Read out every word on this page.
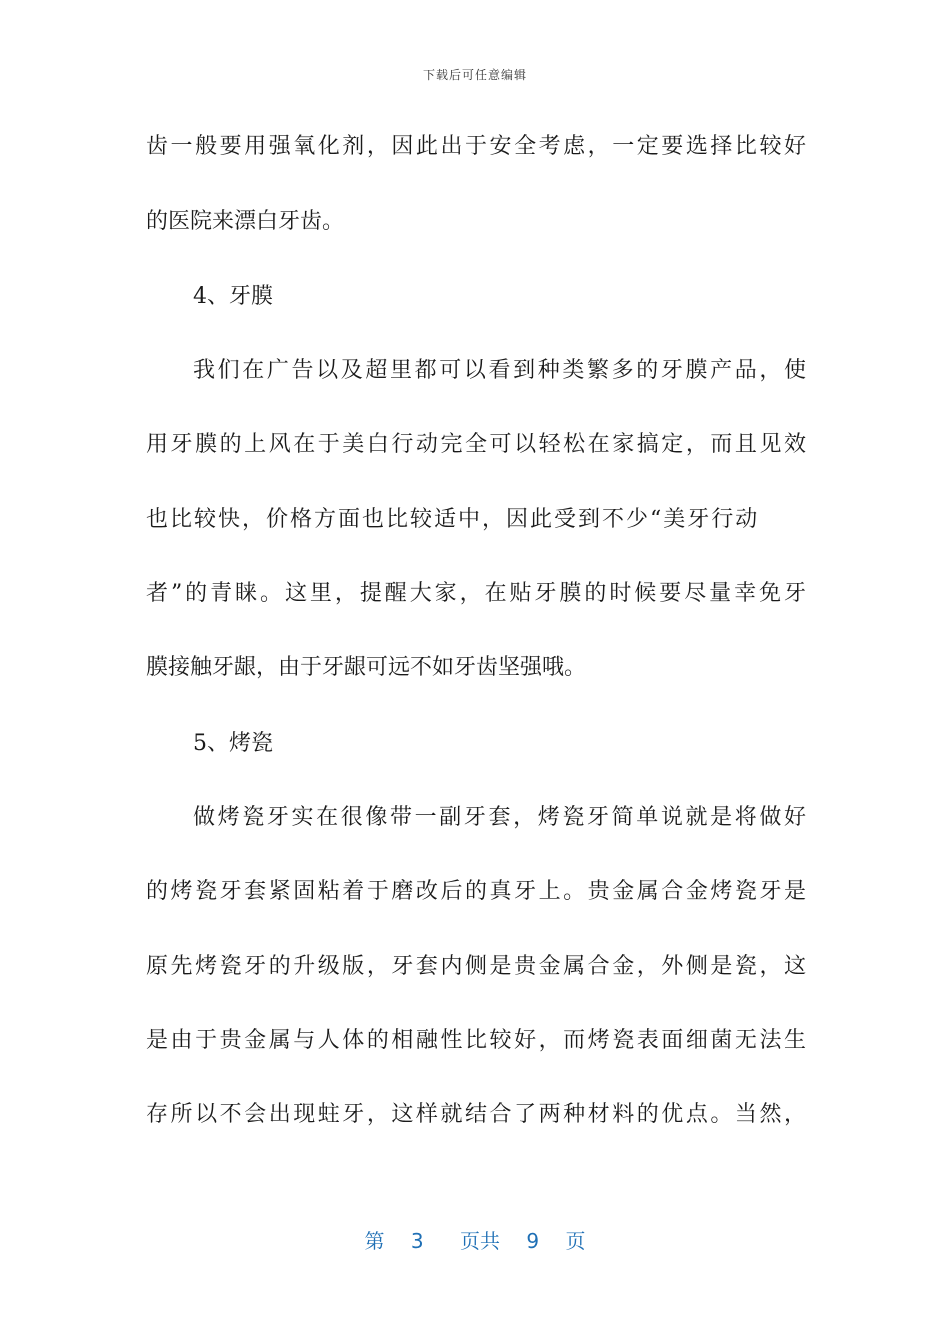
下载后可任意编辑
齿一般要用强氧化剂，因此出于安全考虑，一定要选择比较好
的医院来漂白牙齿。
4、牙膜
我们在广告以及超里都可以看到种类繁多的牙膜产品，使
用牙膜的上风在于美白行动完全可以轻松在家搞定，而且见效
也比较快，价格方面也比较适中，因此受到不少“美牙行动
者”的青睐。这里，提醒大家，在贴牙膜的时候要尽量幸免牙
膜接触牙龈，由于牙龈可远不如牙齿坚强哦。
5、烤瓷
做烤瓷牙实在很像带一副牙套，烤瓷牙简单说就是将做好
的烤瓷牙套紧固粘着于磨改后的真牙上。贵金属合金烤瓷牙是
原先烤瓷牙的升级版，牙套内侧是贵金属合金，外侧是瓷，这
是由于贵金属与人体的相融性比较好，而烤瓷表面细菌无法生
存所以不会出现蛀牙，这样就结合了两种材料的优点。当然，
第 3 页共 9 页
